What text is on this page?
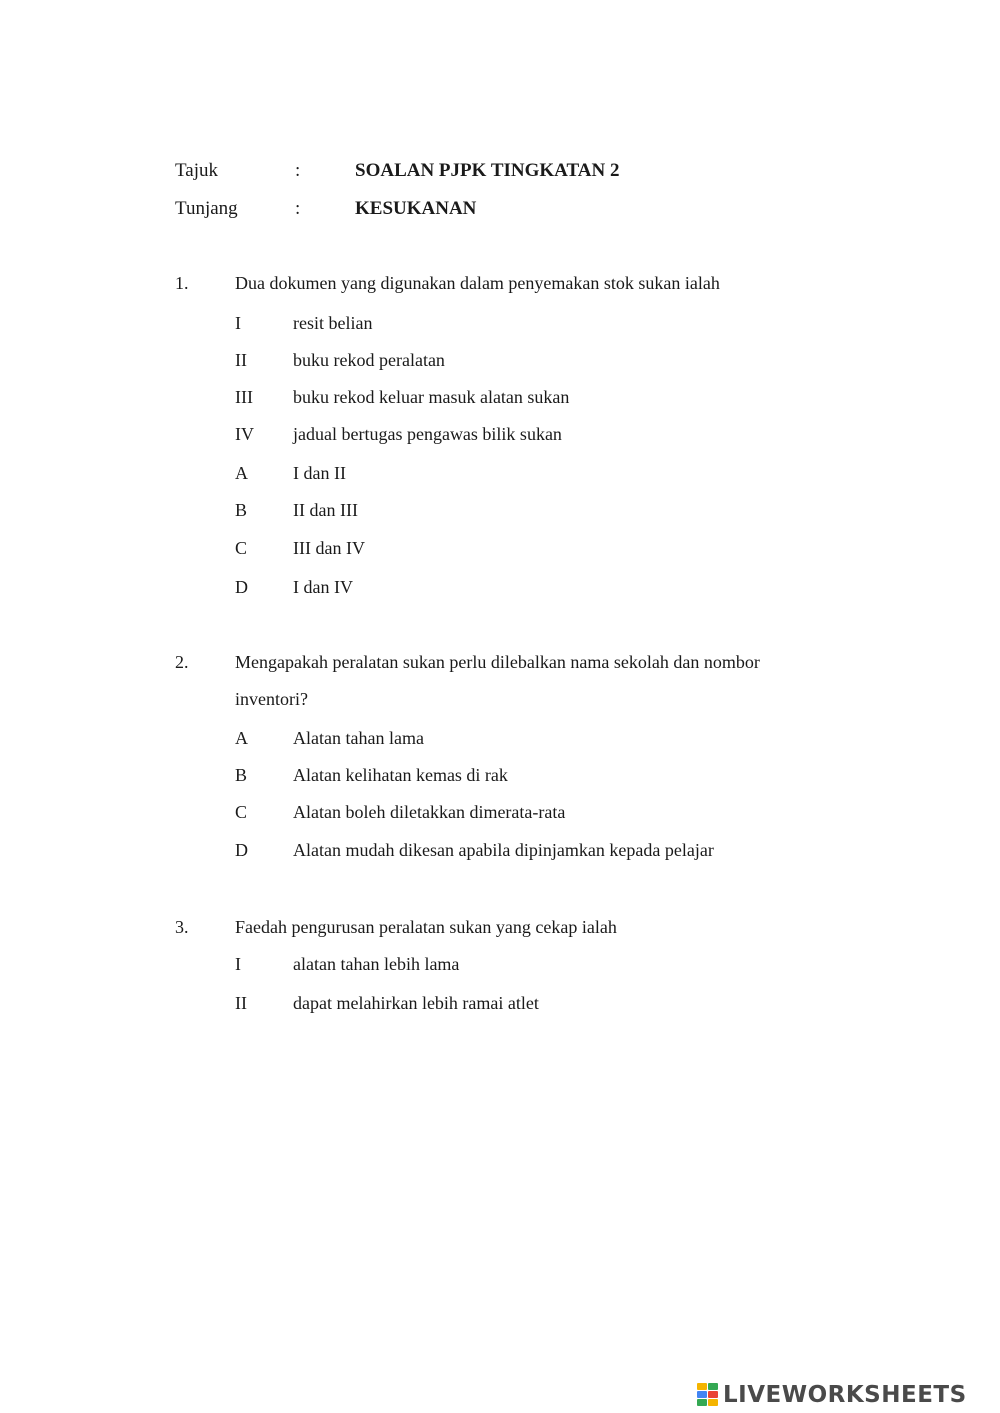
Tajuk	:	SOALAN PJPK TINGKATAN 2
Tunjang	:	KESUKANAN
1.	Dua dokumen yang digunakan dalam penyemakan stok sukan ialah
I	resit belian
II	buku rekod peralatan
III	buku rekod keluar masuk alatan sukan
IV	jadual bertugas pengawas bilik sukan
A	I dan II
B	II dan III
C	III dan IV
D	I dan IV
2.	Mengapakah peralatan sukan perlu dilebalkan nama sekolah dan nombor
inventori?
A	Alatan tahan lama
B	Alatan kelihatan kemas di rak
C	Alatan boleh diletakkan dimerata-rata
D	Alatan mudah dikesan apabila dipinjamkan kepada pelajar
3.	Faedah pengurusan peralatan sukan yang cekap ialah
I	alatan tahan lebih lama
II	dapat melahirkan lebih ramai atlet
LIVEWORKSHEETS
